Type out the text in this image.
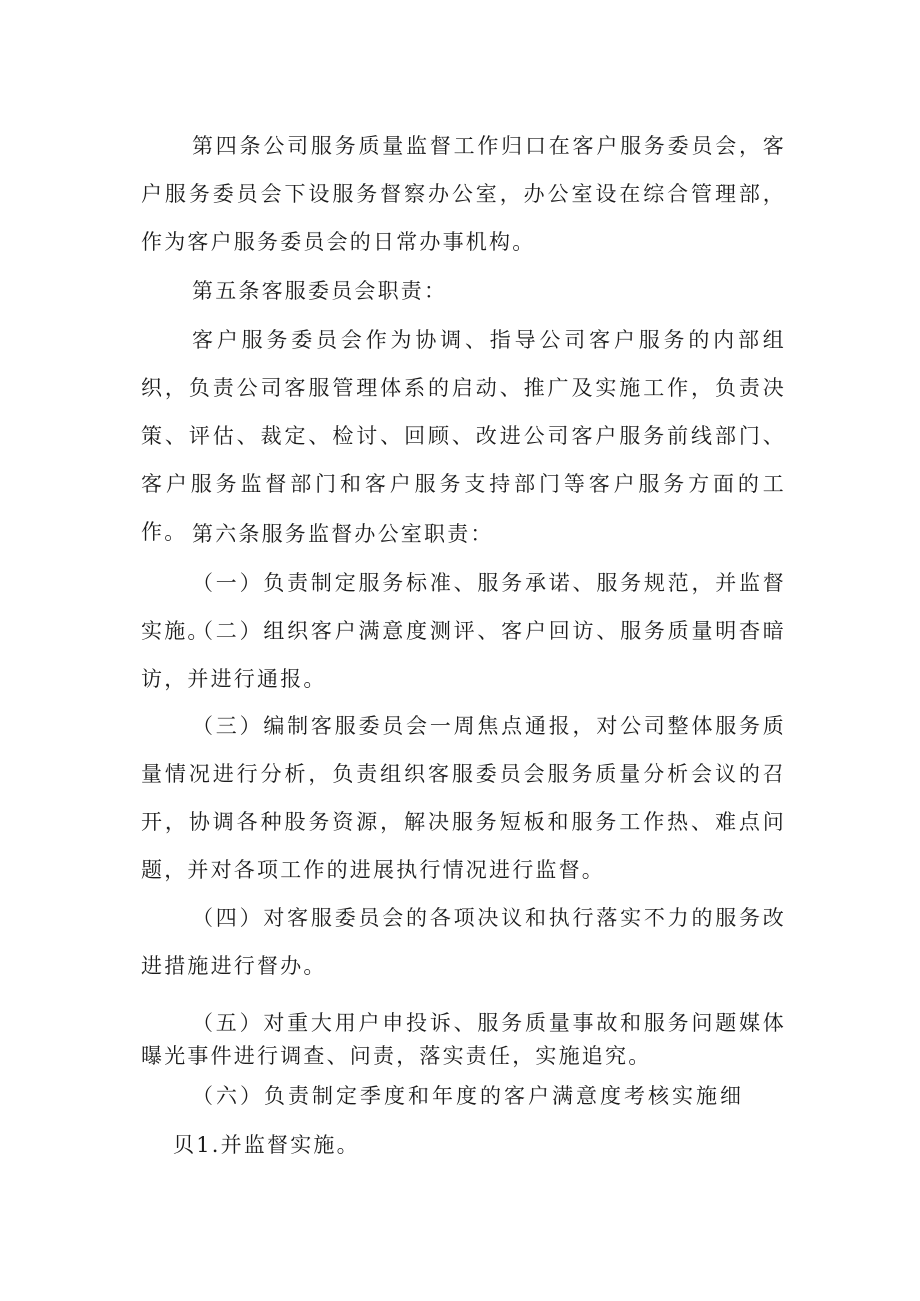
第四条公司服务质量监督工作归口在客户服务委员会，客户服务委员会下设服务督察办公室，办公室设在综合管理部，作为客户服务委员会的日常办事机构。

第五条客服委员会职责：

客户服务委员会作为协调、指导公司客户服务的内部组织，负责公司客服管理体系的启动、推广及实施工作，负责决策、评估、裁定、检讨、回顾、改进公司客户服务前线部门、客户服务监督部门和客户服务支持部门等客户服务方面的工作。 第六条服务监督办公室职责：

（一）负责制定服务标准、服务承诺、服务规范，并监督实施。

（二）组织客户满意度测评、客户回访、服务质量明杳暗访，并进行通报。

（三）编制客服委员会一周焦点通报，对公司整体服务质量情况进行分析，负责组织客服委员会服务质量分析会议的召开，协调各种股务资源，解决服务短板和服务工作热、难点问题，并对各项工作的进展执行情况进行监督。

（四）对客服委员会的各项决议和执行落实不力的服务改进措施进行督办。

（五）对重大用户申投诉、服务质量事故和服务问题媒体曝光事件进行调查、问责，落实责任，实施追究。

（六）负责制定季度和年度的客户满意度考核实施细

贝1.并监督实施。
